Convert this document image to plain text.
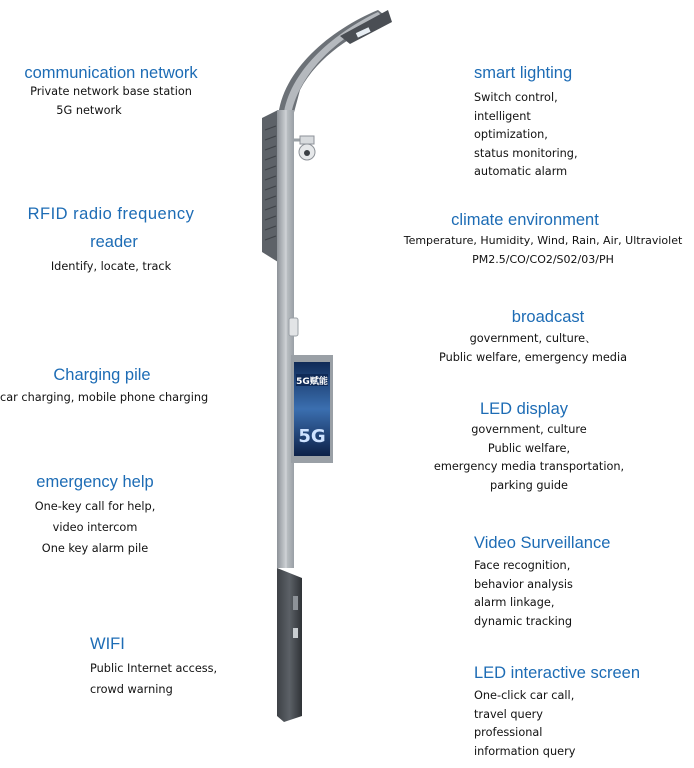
5G赋能
5G
communication network
Private network base station
5G network
RFID radio frequency
reader
Identify, locate, track
Charging pile
car charging, mobile phone charging
emergency help
One-key call for help,
video intercom
One key alarm pile
WIFI
Public Internet access,
crowd warning
smart lighting
Switch control,
intelligent
optimization,
status monitoring,
automatic alarm
climate environment
Temperature, Humidity, Wind, Rain, Air, Ultraviolet
PM2.5/CO/CO2/S02/03/PH
broadcast
government, culture、
Public welfare, emergency media
LED display
government, culture
Public welfare,
emergency media transportation,
parking guide
Video Surveillance
Face recognition,
behavior analysis
alarm linkage,
dynamic tracking
LED interactive screen
One-click car call,
travel query
professional
information query
